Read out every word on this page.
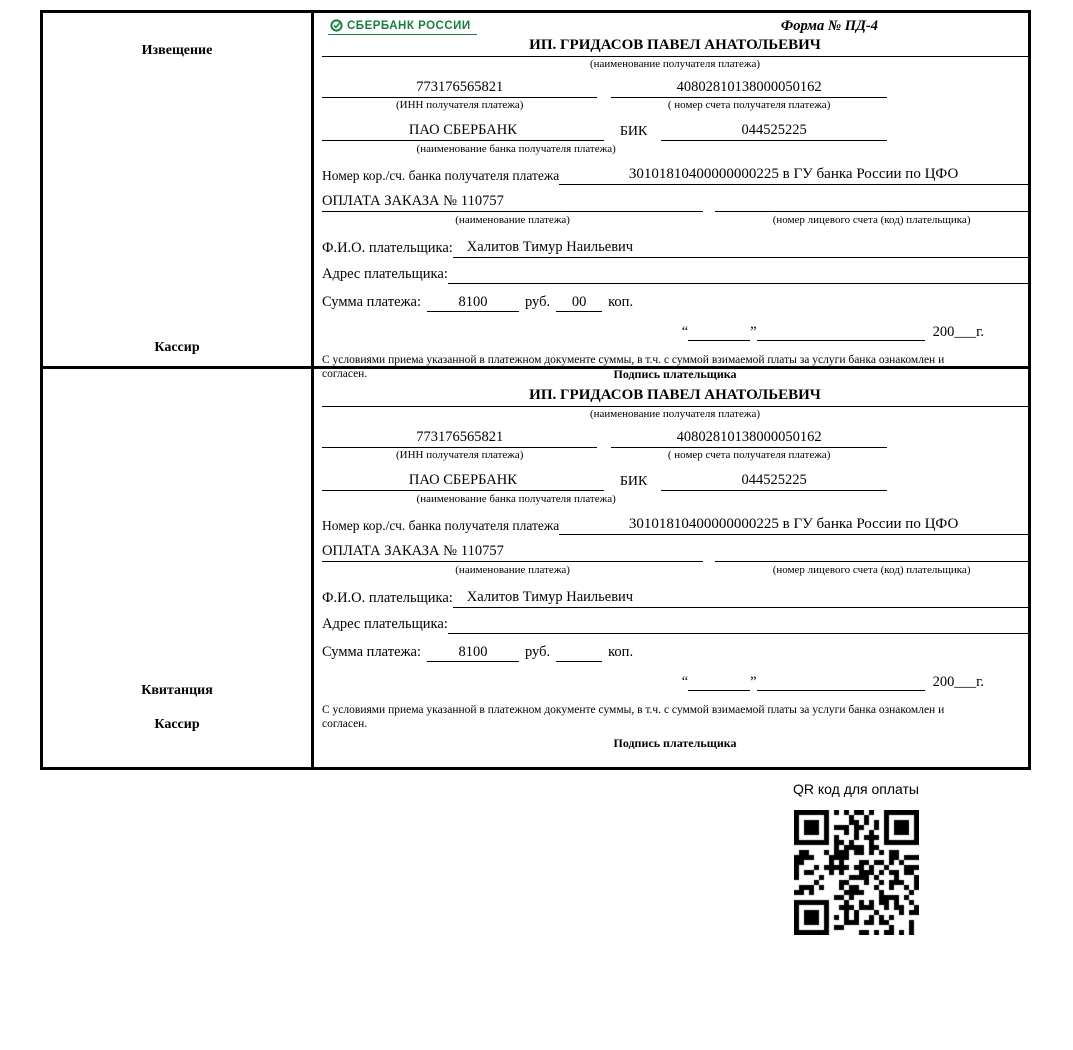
Извещение
Кассир
СБЕРБАНК РОССИИ	Форма № ПД-4
ИП. ГРИДАСОВ ПАВЕЛ АНАТОЛЬЕВИЧ
(наименование получателя платежа)
773176565821
(ИНН получателя платежа)
40802810138000050162
( номер счета получателя платежа)
ПАО СБЕРБАНК	БИК	044525225
(наименование банка получателя платежа)
Номер кор./сч. банка получателя платежа	30101810400000000225 в ГУ банка России по ЦФО
ОПЛАТА ЗАКАЗА № 110757
(наименование платежа)	(номер лицевого счета (код) плательщика)
Ф.И.О. плательщика: Халитов Тимур Наильевич
Адрес плательщика:
Сумма платежа:	8100	руб.	00	коп.
“	”	200___г.
С условиями приема указанной в платежном документе суммы, в т.ч. с суммой взимаемой платы за услуги банка ознакомлен и согласен.	Подпись плательщика
Квитанция
Кассир
ИП. ГРИДАСОВ ПАВЕЛ АНАТОЛЬЕВИЧ
(наименование получателя платежа)
773176565821
(ИНН получателя платежа)
40802810138000050162
( номер счета получателя платежа)
ПАО СБЕРБАНК	БИК	044525225
(наименование банка получателя платежа)
Номер кор./сч. банка получателя платежа	30101810400000000225 в ГУ банка России по ЦФО
ОПЛАТА ЗАКАЗА № 110757
(наименование платежа)	(номер лицевого счета (код) плательщика)
Ф.И.О. плательщика: Халитов Тимур Наильевич
Адрес плательщика:
Сумма платежа:	8100	руб.	коп.
“	”	200___г.
С условиями приема указанной в платежном документе суммы, в т.ч. с суммой взимаемой платы за услуги банка ознакомлен и согласен.
Подпись плательщика
QR код для оплаты
